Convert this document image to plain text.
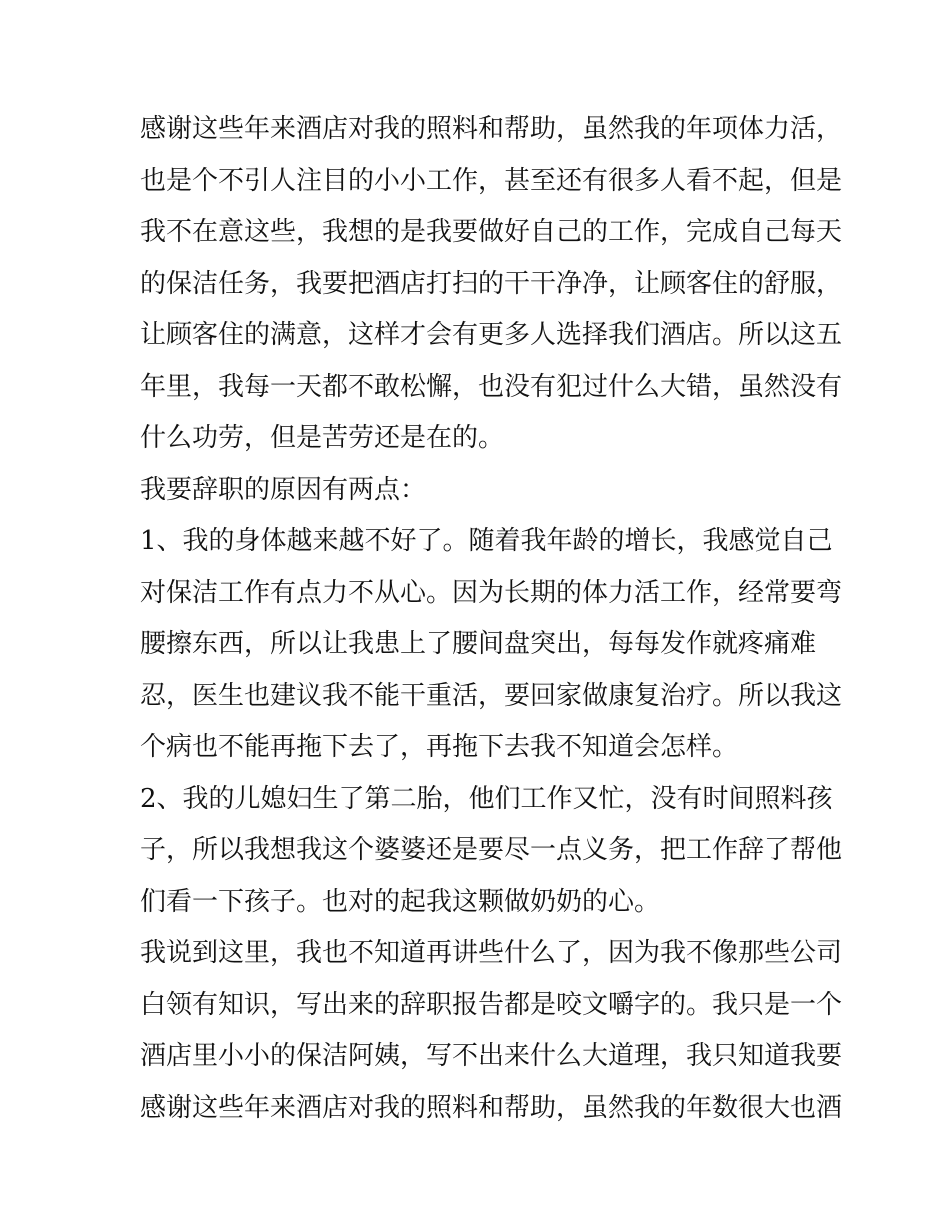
感谢这些年来酒店对我的照料和帮助，虽然我的年项体力活，
也是个不引人注目的小小工作，甚至还有很多人看不起，但是
我不在意这些，我想的是我要做好自己的工作，完成自己每天
的保洁任务，我要把酒店打扫的干干净净，让顾客住的舒服，
让顾客住的满意，这样才会有更多人选择我们酒店。所以这五
年里，我每一天都不敢松懈，也没有犯过什么大错，虽然没有
什么功劳，但是苦劳还是在的。
我要辞职的原因有两点：
1、我的身体越来越不好了。随着我年龄的增长，我感觉自己
对保洁工作有点力不从心。因为长期的体力活工作，经常要弯
腰擦东西，所以让我患上了腰间盘突出，每每发作就疼痛难
忍，医生也建议我不能干重活，要回家做康复治疗。所以我这
个病也不能再拖下去了，再拖下去我不知道会怎样。
2、我的儿媳妇生了第二胎，他们工作又忙，没有时间照料孩
子，所以我想我这个婆婆还是要尽一点义务，把工作辞了帮他
们看一下孩子。也对的起我这颗做奶奶的心。
我说到这里，我也不知道再讲些什么了，因为我不像那些公司
白领有知识，写出来的辞职报告都是咬文嚼字的。我只是一个
酒店里小小的保洁阿姨，写不出来什么大道理，我只知道我要
感谢这些年来酒店对我的照料和帮助，虽然我的年数很大也酒
